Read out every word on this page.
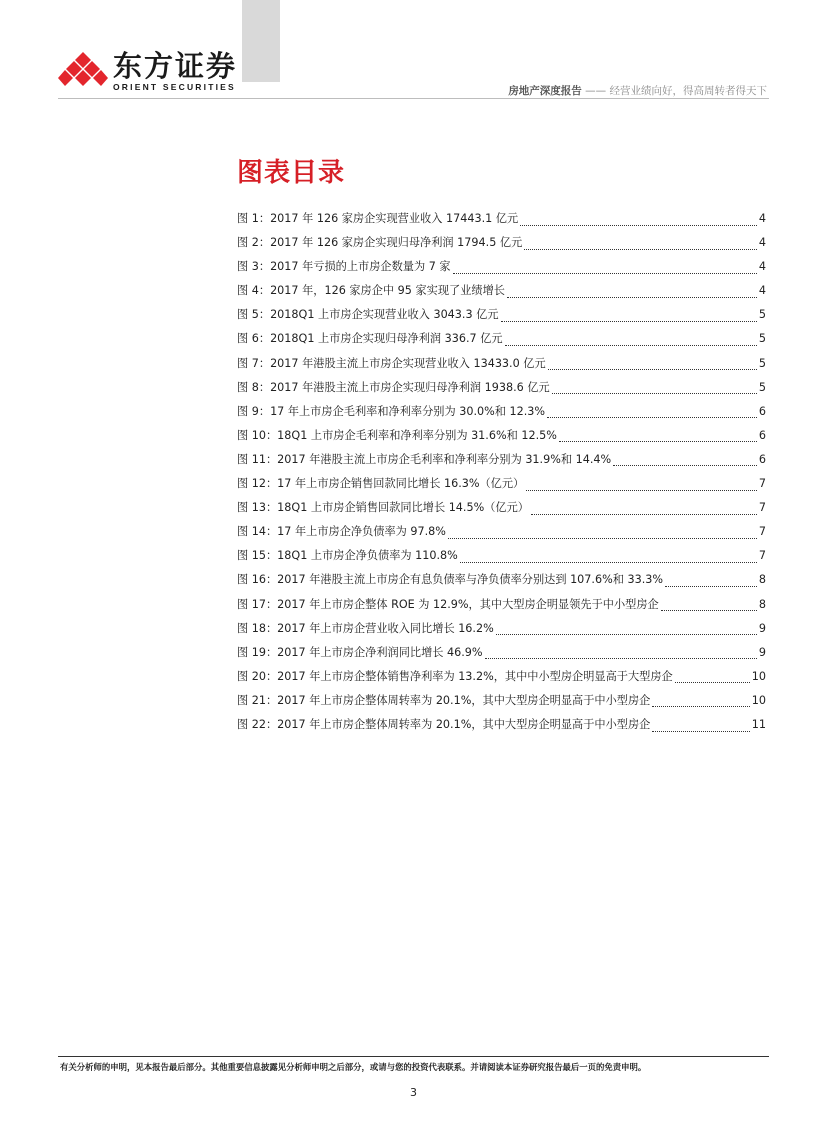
东方证券
ORIENT SECURITIES	房地产深度报告 —— 经营业绩向好，得高周转者得天下
图表目录
图 1： 2017 年 126 家房企实现营业收入 17443.1 亿元	4
图 2： 2017 年 126 家房企实现归母净利润 1794.5 亿元	4
图 3： 2017 年亏损的上市房企数量为 7 家	4
图 4： 2017 年，126 家房企中 95 家实现了业绩增长	4
图 5： 2018Q1 上市房企实现营业收入 3043.3 亿元	5
图 6： 2018Q1 上市房企实现归母净利润 336.7 亿元	5
图 7： 2017 年港股主流上市房企实现营业收入 13433.0 亿元	5
图 8： 2017 年港股主流上市房企实现归母净利润 1938.6 亿元	5
图 9： 17 年上市房企毛利率和净利率分别为 30.0%和 12.3%	6
图 10： 18Q1 上市房企毛利率和净利率分别为 31.6%和 12.5%	6
图 11： 2017 年港股主流上市房企毛利率和净利率分别为 31.9%和 14.4%	6
图 12： 17 年上市房企销售回款同比增长 16.3%（亿元）	7
图 13： 18Q1 上市房企销售回款同比增长 14.5%（亿元）	7
图 14： 17 年上市房企净负债率为 97.8%	7
图 15： 18Q1 上市房企净负债率为 110.8%	7
图 16： 2017 年港股主流上市房企有息负债率与净负债率分别达到 107.6%和 33.3%	8
图 17： 2017 年上市房企整体 ROE 为 12.9%，其中大型房企明显领先于中小型房企	8
图 18： 2017 年上市房企营业收入同比增长 16.2%	9
图 19： 2017 年上市房企净利润同比增长 46.9%	9
图 20： 2017 年上市房企整体销售净利率为 13.2%，其中中小型房企明显高于大型房企	10
图 21： 2017 年上市房企整体周转率为 20.1%，其中大型房企明显高于中小型房企	10
图 22： 2017 年上市房企整体周转率为 20.1%，其中大型房企明显高于中小型房企	11
有关分析师的申明，见本报告最后部分。其他重要信息披露见分析师申明之后部分，或请与您的投资代表联系。并请阅读本证券研究报告最后一页的免责申明。
3
